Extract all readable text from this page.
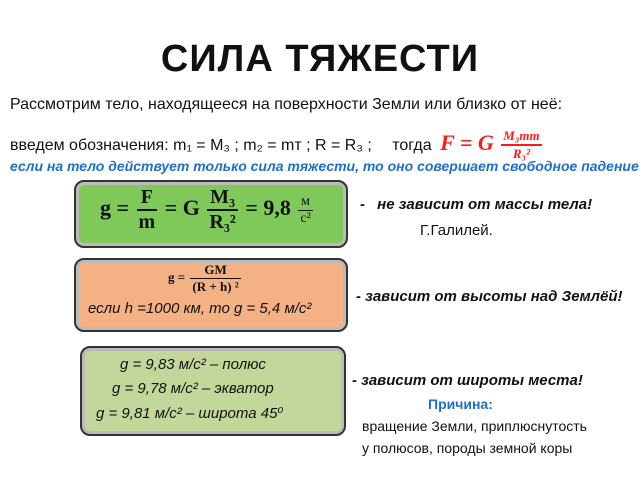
СИЛА ТЯЖЕСТИ
Рассмотрим тело, находящееся на поверхности Земли или близко от неё:
введем обозначения: m₁ = M₃ ; m₂ = mт ; R = R₃ ; тогда F = G $\frac{\text{M₃mт}}{\text{R₃²}}$
если на тело действует только сила тяжести, то оно совершает свободное падение
$g = \frac{F}{m} = G \frac{\text{M₃}}{\text{R₃²}} = 9,8 \frac{м}{\text{с²}}$
$g = \frac{GM}{\text{(R + h) ²}}$
если h =1000 км, то g = 5,4 м/с²
g = 9,83 м/с² – полюс
g = 9,78 м/с² – экватор
g = 9,81 м/с² – широта 45⁰
- не зависит от массы тела!
Г.Галилей.
- зависит от высоты над Землёй!
- зависит от широты места!
Причина:
вращение Земли, приплюснутость
у полюсов, породы земной коры
